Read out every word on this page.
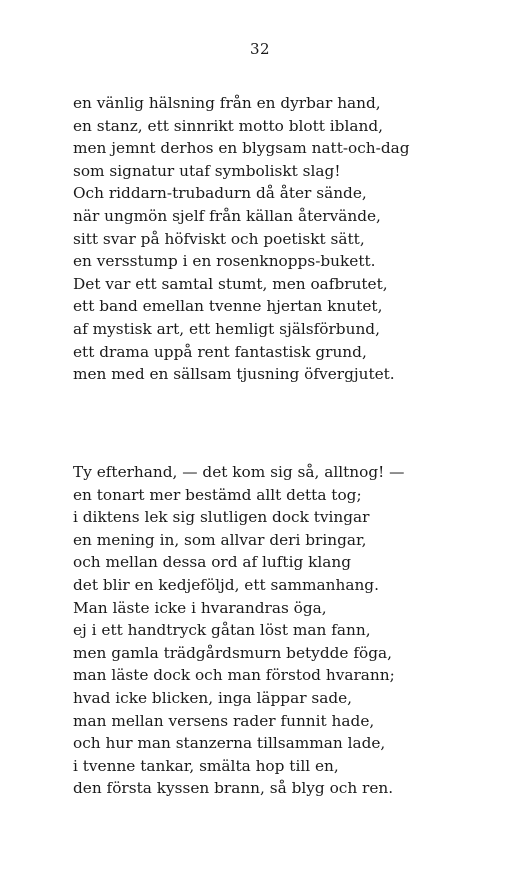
32
en vänlig hälsning från en dyrbar hand,
en stanz, ett sinnrikt motto blott ibland,
men jemnt derhos en blygsam natt-och-dag
som signatur utaf symboliskt slag!
Och riddarn-trubadurn då åter sände,
när ungmön sjelf från källan återvände,
sitt svar på höfviskt och poetiskt sätt,
en versstump i en rosenknopps-bukett.
Det var ett samtal stumt, men oafbrutet,
ett band emellan tvenne hjertan knutet,
af mystisk art, ett hemligt själsförbund,
ett drama uppå rent fantastisk grund,
men med en sällsam tjusning öfvergjutet.
Ty efterhand, — det kom sig så, alltnog! —
en tonart mer bestämd allt detta tog;
i diktens lek sig slutligen dock tvingar
en mening in, som allvar deri bringar,
och mellan dessa ord af luftig klang
det blir en kedjeföljd, ett sammanhang.
Man läste icke i hvarandras öga,
ej i ett handtryck gåtan löst man fann,
men gamla trädgårdsmurn betydde föga,
man läste dock och man förstod hvarann;
hvad icke blicken, inga läppar sade,
man mellan versens rader funnit hade,
och hur man stanzerna tillsamman lade,
i tvenne tankar, smälta hop till en,
den första kyssen brann, så blyg och ren.
